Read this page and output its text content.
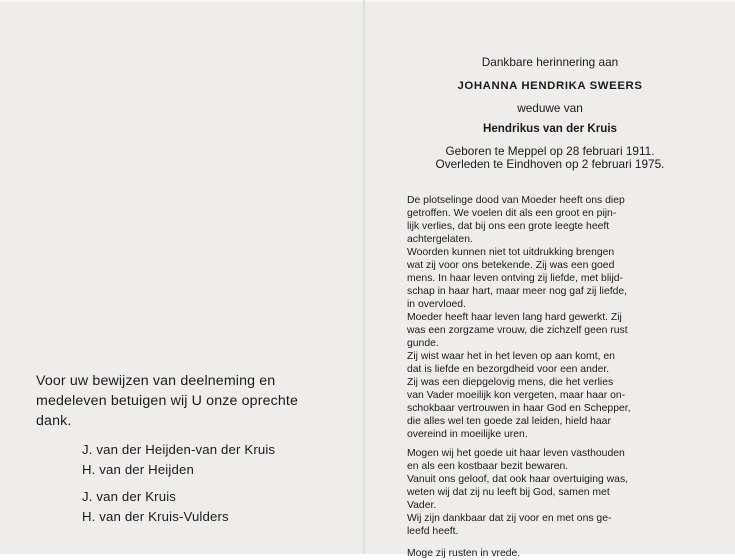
Voor uw bewijzen van deelneming en
medeleven betuigen wij U onze oprechte
dank.
J. van der Heijden-van der Kruis
H. van der Heijden
J. van der Kruis
H. van der Kruis-Vulders
Dankbare herinnering aan
JOHANNA HENDRIKA SWEERS
weduwe van
Hendrikus van der Kruis
Geboren te Meppel op 28 februari 1911.
Overleden te Eindhoven op 2 februari 1975.
De plotselinge dood van Moeder heeft ons diep
getroffen. We voelen dit als een groot en pijn-
lijk verlies, dat bij ons een grote leegte heeft
achtergelaten.
Woorden kunnen niet tot uitdrukking brengen
wat zij voor ons betekende. Zij was een goed
mens. In haar leven ontving zij liefde, met blijd-
schap in haar hart, maar meer nog gaf zij liefde,
in overvloed.
Moeder heeft haar leven lang hard gewerkt. Zij
was een zorgzame vrouw, die zichzelf geen rust
gunde.
Zij wist waar het in het leven op aan komt, en
dat is liefde en bezorgdheid voor een ander.
Zij was een diepgelovig mens, die het verlies
van Vader moeilijk kon vergeten, maar haar on-
schokbaar vertrouwen in haar God en Schepper,
die alles wel ten goede zal leiden, hield haar
overeind in moeilijke uren.
Mogen wij het goede uit haar leven vasthouden
en als een kostbaar bezit bewaren.
Vanuit ons geloof, dat ook haar overtuiging was,
weten wij dat zij nu leeft bij God, samen met
Vader.
Wij zijn dankbaar dat zij voor en met ons ge-
leefd heeft.
Moge zij rusten in vrede.
